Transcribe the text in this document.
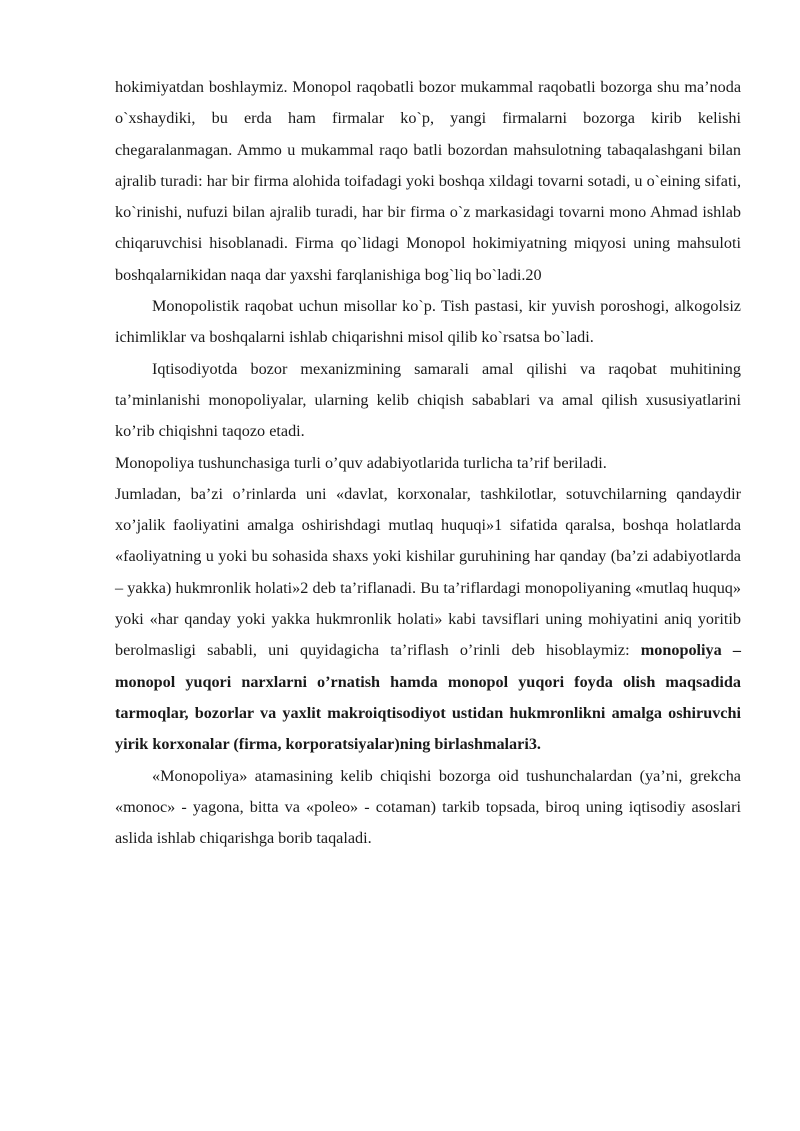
hokimiyatdan boshlaymiz. Monopol raqobatli bozor mukammal raqobatli bozorga shu ma’noda o`xshaydiki, bu erda ham firmalar ko`p, yangi firmalarni bozorga kirib kelishi chegaralanmagan. Ammo u mukammal raqo batli bozordan mahsulotning tabaqalashgani bilan ajralib turadi: har bir firma alohida toifadagi yoki boshqa xildagi tovarni sotadi, u o`eining sifati, ko`rinishi, nufuzi bilan ajralib turadi, har bir firma o`z markasidagi tovarni mono Ahmad ishlab chiqaruvchisi hisoblanadi. Firma qo`lidagi Monopol hokimiyatning miqyosi uning mahsuloti boshqalarnikidan naqa dar yaxshi farqlanishiga bog`liq bo`ladi.20

Monopolistik raqobat uchun misollar ko`p. Tish pastasi, kir yuvish poroshogi, alkogolsiz ichimliklar va boshqalarni ishlab chiqarishni misol qilib ko`rsatsa bo`ladi.

Iqtisodiyotda bozor mexanizmining samarali amal qilishi va raqobat muhitining ta’minlanishi monopoliyalar, ularning kelib chiqish sabablari va amal qilish xususiyatlarini ko’rib chiqishni taqozo etadi.

Monopoliya tushunchasiga turli o’quv adabiyotlarida turlicha ta’rif beriladi.

Jumladan, ba’zi o’rinlarda uni «davlat, korxonalar, tashkilotlar, sotuvchilarning qandaydir xo’jalik faoliyatini amalga oshirishdagi mutlaq huquqi»1 sifatida qaralsa, boshqa holatlarda «faoliyatning u yoki bu sohasida shaxs yoki kishilar guruhining har qanday (ba’zi adabiyotlarda – yakka) hukmronlik holati»2 deb ta’riflanadi. Bu ta’riflardagi monopoliyaning «mutlaq huquq» yoki «har qanday yoki yakka hukmronlik holati» kabi tavsiflari uning mohiyatini aniq yoritib berolmasligi sababli, uni quyidagicha ta’riflash o’rinli deb hisoblaymiz: monopoliya – monopol yuqori narxlarni o’rnatish hamda monopol yuqori foyda olish maqsadida tarmoqlar, bozorlar va yaxlit makroiqtisodiyot ustidan hukmronlikni amalga oshiruvchi yirik korxonalar (firma, korporatsiyalar)ning birlashmalari3.

«Monopoliya» atamasining kelib chiqishi bozorga oid tushunchalardan (ya’ni, grekcha «monoc» - yagona, bitta va «poleo» - cotaman) tarkib topsada, biroq uning iqtisodiy asoslari aslida ishlab chiqarishga borib taqaladi.
